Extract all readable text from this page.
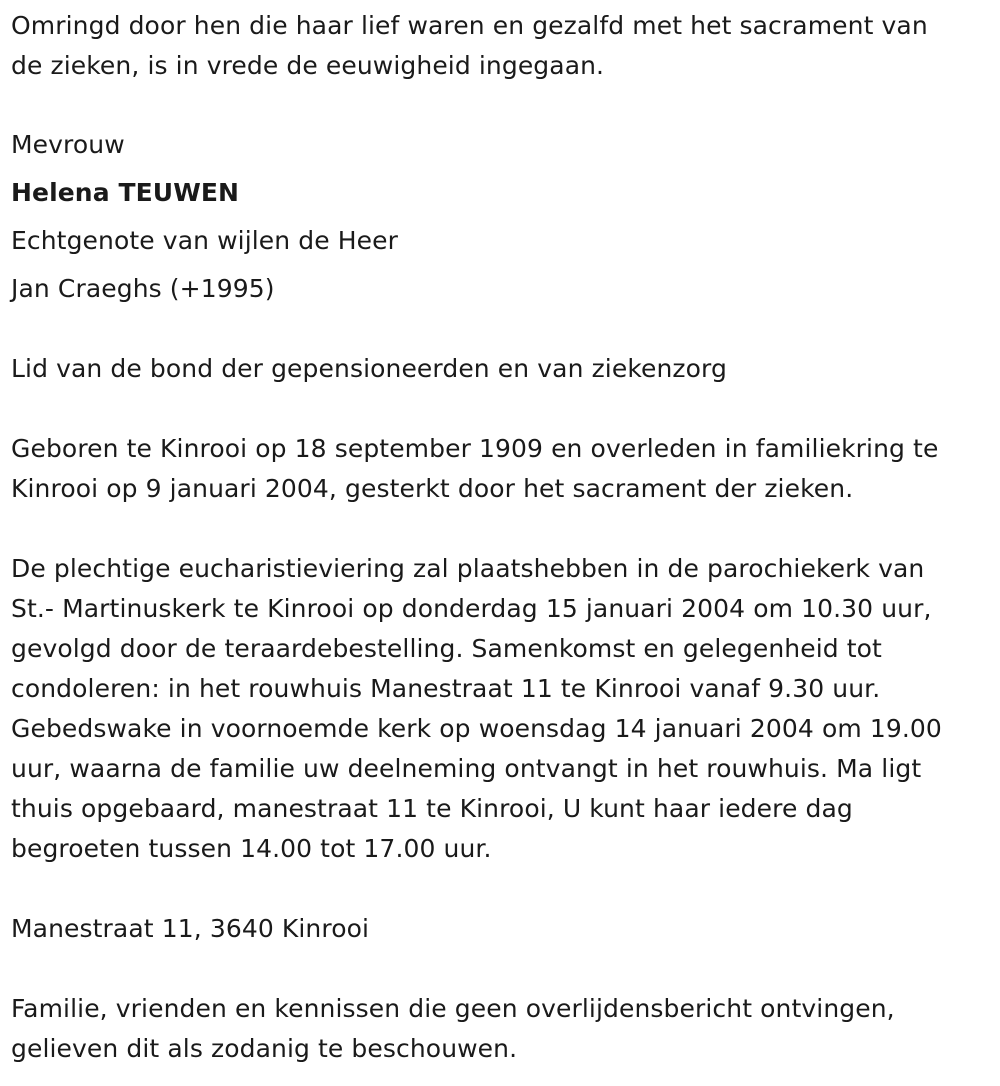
Omringd door hen die haar lief waren en gezalfd met het sacrament van
de zieken, is in vrede de eeuwigheid ingegaan.
Mevrouw
Helena TEUWEN
Echtgenote van wijlen de Heer
Jan Craeghs (+1995)
Lid van de bond der gepensioneerden en van ziekenzorg
Geboren te Kinrooi op 18 september 1909 en overleden in familiekring te
Kinrooi op 9 januari 2004, gesterkt door het sacrament der zieken.
De plechtige eucharistieviering zal plaatshebben in de parochiekerk van
St.- Martinuskerk te Kinrooi op donderdag 15 januari 2004 om 10.30 uur,
gevolgd door de teraardebestelling. Samenkomst en gelegenheid tot
condoleren: in het rouwhuis Manestraat 11 te Kinrooi vanaf 9.30 uur.
Gebedswake in voornoemde kerk op woensdag 14 januari 2004 om 19.00
uur, waarna de familie uw deelneming ontvangt in het rouwhuis. Ma ligt
thuis opgebaard, manestraat 11 te Kinrooi, U kunt haar iedere dag
begroeten tussen 14.00 tot 17.00 uur.
Manestraat 11, 3640 Kinrooi
Familie, vrienden en kennissen die geen overlijdensbericht ontvingen,
gelieven dit als zodanig te beschouwen.
